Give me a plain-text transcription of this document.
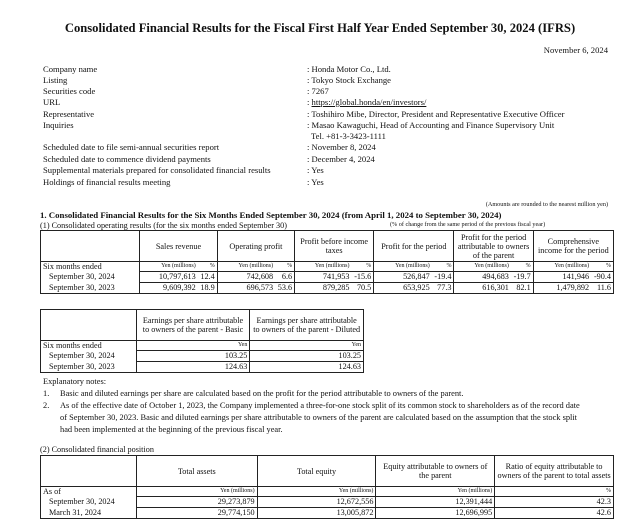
Consolidated Financial Results for the Fiscal First Half Year Ended September 30, 2024 (IFRS)
November 6, 2024
Company name	: Honda Motor Co., Ltd.
Listing	: Tokyo Stock Exchange
Securities code	: 7267
URL	: https://global.honda/en/investors/
Representative	: Toshihiro Mibe, Director, President and Representative Executive Officer
Inquiries	: Masao Kawaguchi, Head of Accounting and Finance Supervisory Unit
Tel. +81-3-3423-1111
Scheduled date to file semi-annual securities report	: November 8, 2024
Scheduled date to commence dividend payments	: December 4, 2024
Supplemental materials prepared for consolidated financial results	: Yes
Holdings of financial results meeting	: Yes
(Amounts are rounded to the nearest million yen)
1. Consolidated Financial Results for the Six Months Ended September 30, 2024 (from April 1, 2024 to September 30, 2024)
(1) Consolidated operating results (for the six months ended September 30)	(% of change from the same period of the previous fiscal year)
	Sales revenue		Operating profit		Profit before income taxes		Profit for the period		Profit for the period attributable to owners of the parent		Comprehensive income for the period	
Six months ended	Yen (millions)	%	Yen (millions)	%	Yen (millions)	%	Yen (millions)	%	Yen (millions)	%	Yen (millions)	%
September 30, 2024	10,797,613	12.4	742,608	6.6	741,953	-15.6	526,847	-19.4	494,683	-19.7	141,946	-90.4
September 30, 2023	9,609,392	18.9	696,573	53.6	879,285	70.5	653,925	77.3	616,301	82.1	1,479,892	11.6
	Earnings per share attributable to owners of the parent - Basic	Earnings per share attributable to owners of the parent - Diluted
Six months ended	Yen	Yen
September 30, 2024	103.25	103.25
September 30, 2023	124.63	124.63
Explanatory notes:
1. Basic and diluted earnings per share are calculated based on the profit for the period attributable to owners of the parent.
2. As of the effective date of October 1, 2023, the Company implemented a three-for-one stock split of its common stock to shareholders as of the record date
of September 30, 2023. Basic and diluted earnings per share attributable to owners of the parent are calculated based on the assumption that the stock split
had been implemented at the beginning of the previous fiscal year.
(2) Consolidated financial position
	Total assets	Total equity	Equity attributable to owners of the parent	Ratio of equity attributable to owners of the parent to total assets
As of	Yen (millions)	Yen (millions)	Yen (millions)	%
September 30, 2024	29,273,879	12,672,556	12,391,444	42.3
March 31, 2024	29,774,150	13,005,872	12,696,995	42.6
